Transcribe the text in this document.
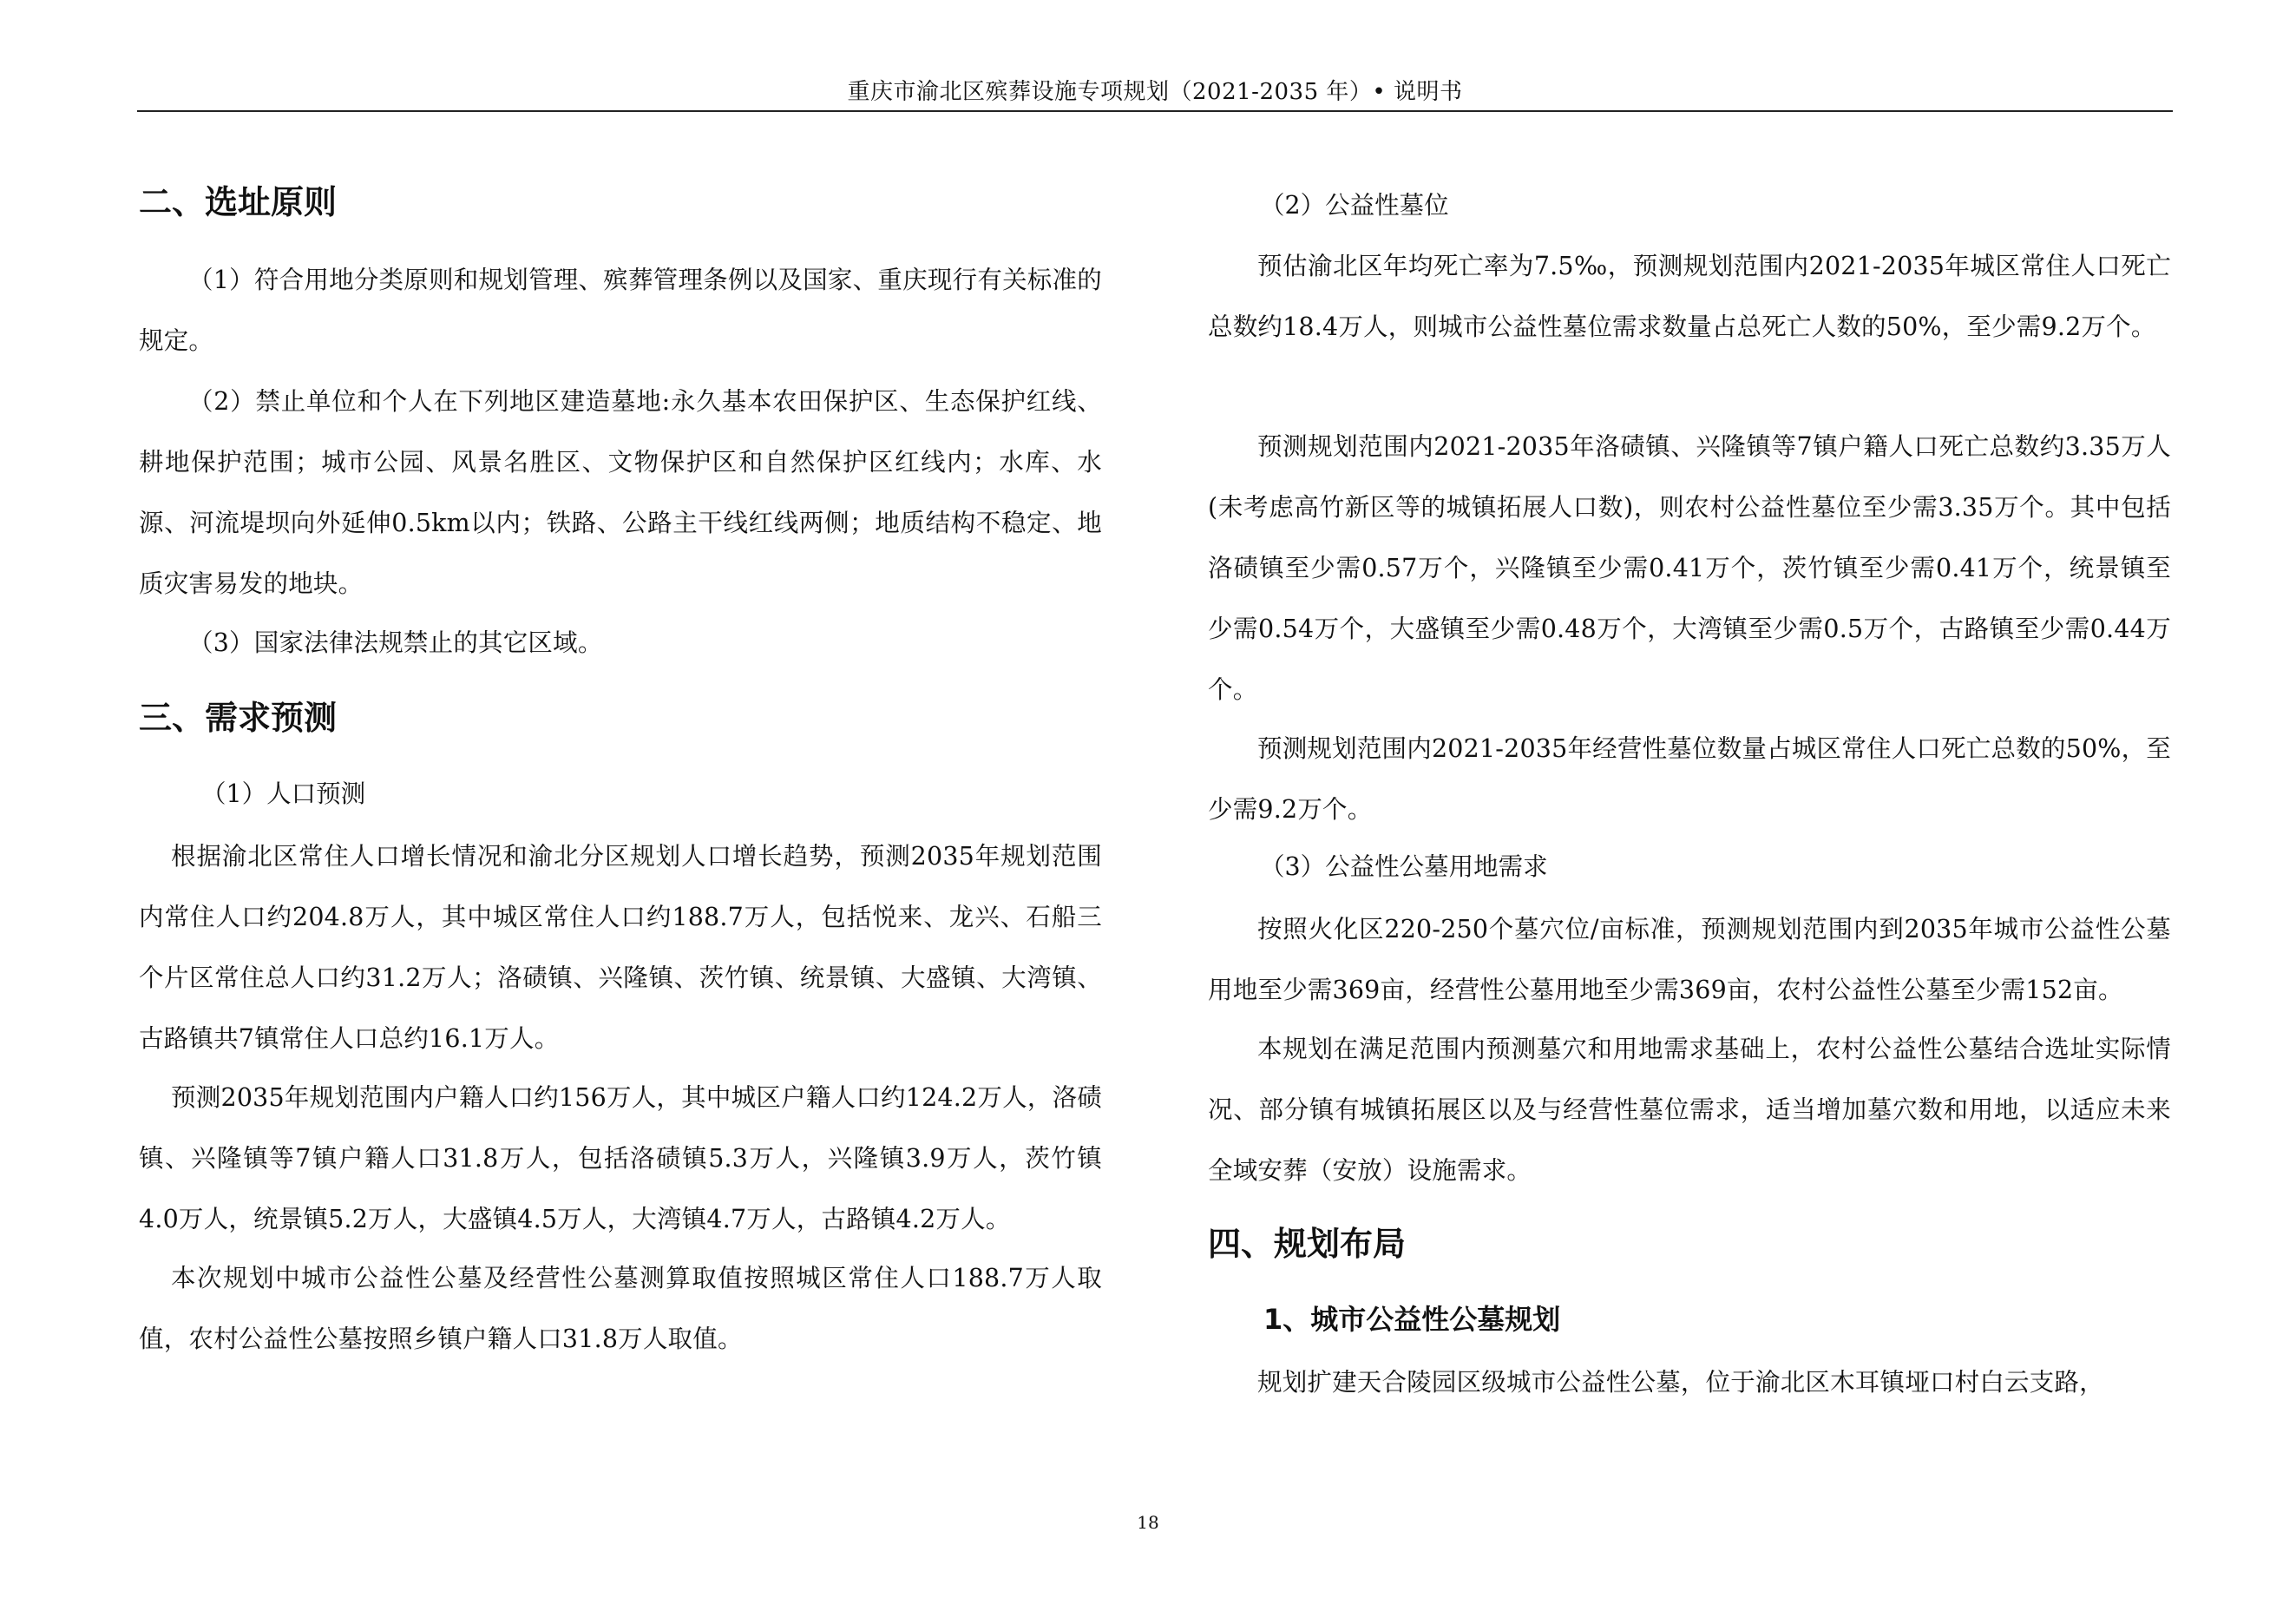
重庆市渝北区殡葬设施专项规划（2021-2035 年）• 说明书
二、选址原则
（1）符合用地分类原则和规划管理、殡葬管理条例以及国家、重庆现行有关标准的规定。
（2）禁止单位和个人在下列地区建造墓地:永久基本农田保护区、生态保护红线、耕地保护范围；城市公园、风景名胜区、文物保护区和自然保护区红线内；水库、水源、河流堤坝向外延伸0.5km以内；铁路、公路主干线红线两侧；地质结构不稳定、地质灾害易发的地块。
（3）国家法律法规禁止的其它区域。
三、需求预测
（1）人口预测
根据渝北区常住人口增长情况和渝北分区规划人口增长趋势，预测2035年规划范围内常住人口约204.8万人，其中城区常住人口约188.7万人，包括悦来、龙兴、石船三个片区常住总人口约31.2万人；洛碛镇、兴隆镇、茨竹镇、统景镇、大盛镇、大湾镇、古路镇共7镇常住人口总约16.1万人。
预测2035年规划范围内户籍人口约156万人，其中城区户籍人口约124.2万人，洛碛镇、兴隆镇等7镇户籍人口31.8万人，包括洛碛镇5.3万人，兴隆镇3.9万人，茨竹镇4.0万人，统景镇5.2万人，大盛镇4.5万人，大湾镇4.7万人，古路镇4.2万人。
本次规划中城市公益性公墓及经营性公墓测算取值按照城区常住人口188.7万人取值，农村公益性公墓按照乡镇户籍人口31.8万人取值。
（2）公益性墓位
预估渝北区年均死亡率为7.5‰，预测规划范围内2021-2035年城区常住人口死亡总数约18.4万人，则城市公益性墓位需求数量占总死亡人数的50%，至少需9.2万个。
预测规划范围内2021-2035年洛碛镇、兴隆镇等7镇户籍人口死亡总数约3.35万人(未考虑高竹新区等的城镇拓展人口数)，则农村公益性墓位至少需3.35万个。其中包括洛碛镇至少需0.57万个，兴隆镇至少需0.41万个，茨竹镇至少需0.41万个，统景镇至少需0.54万个，大盛镇至少需0.48万个，大湾镇至少需0.5万个，古路镇至少需0.44万个。
预测规划范围内2021-2035年经营性墓位数量占城区常住人口死亡总数的50%，至少需9.2万个。
（3）公益性公墓用地需求
按照火化区220-250个墓穴位/亩标准，预测规划范围内到2035年城市公益性公墓用地至少需369亩，经营性公墓用地至少需369亩，农村公益性公墓至少需152亩。
本规划在满足范围内预测墓穴和用地需求基础上，农村公益性公墓结合选址实际情况、部分镇有城镇拓展区以及与经营性墓位需求，适当增加墓穴数和用地，以适应未来全域安葬（安放）设施需求。
四、规划布局
1、城市公益性公墓规划
规划扩建天合陵园区级城市公益性公墓，位于渝北区木耳镇垭口村白云支路，
18
